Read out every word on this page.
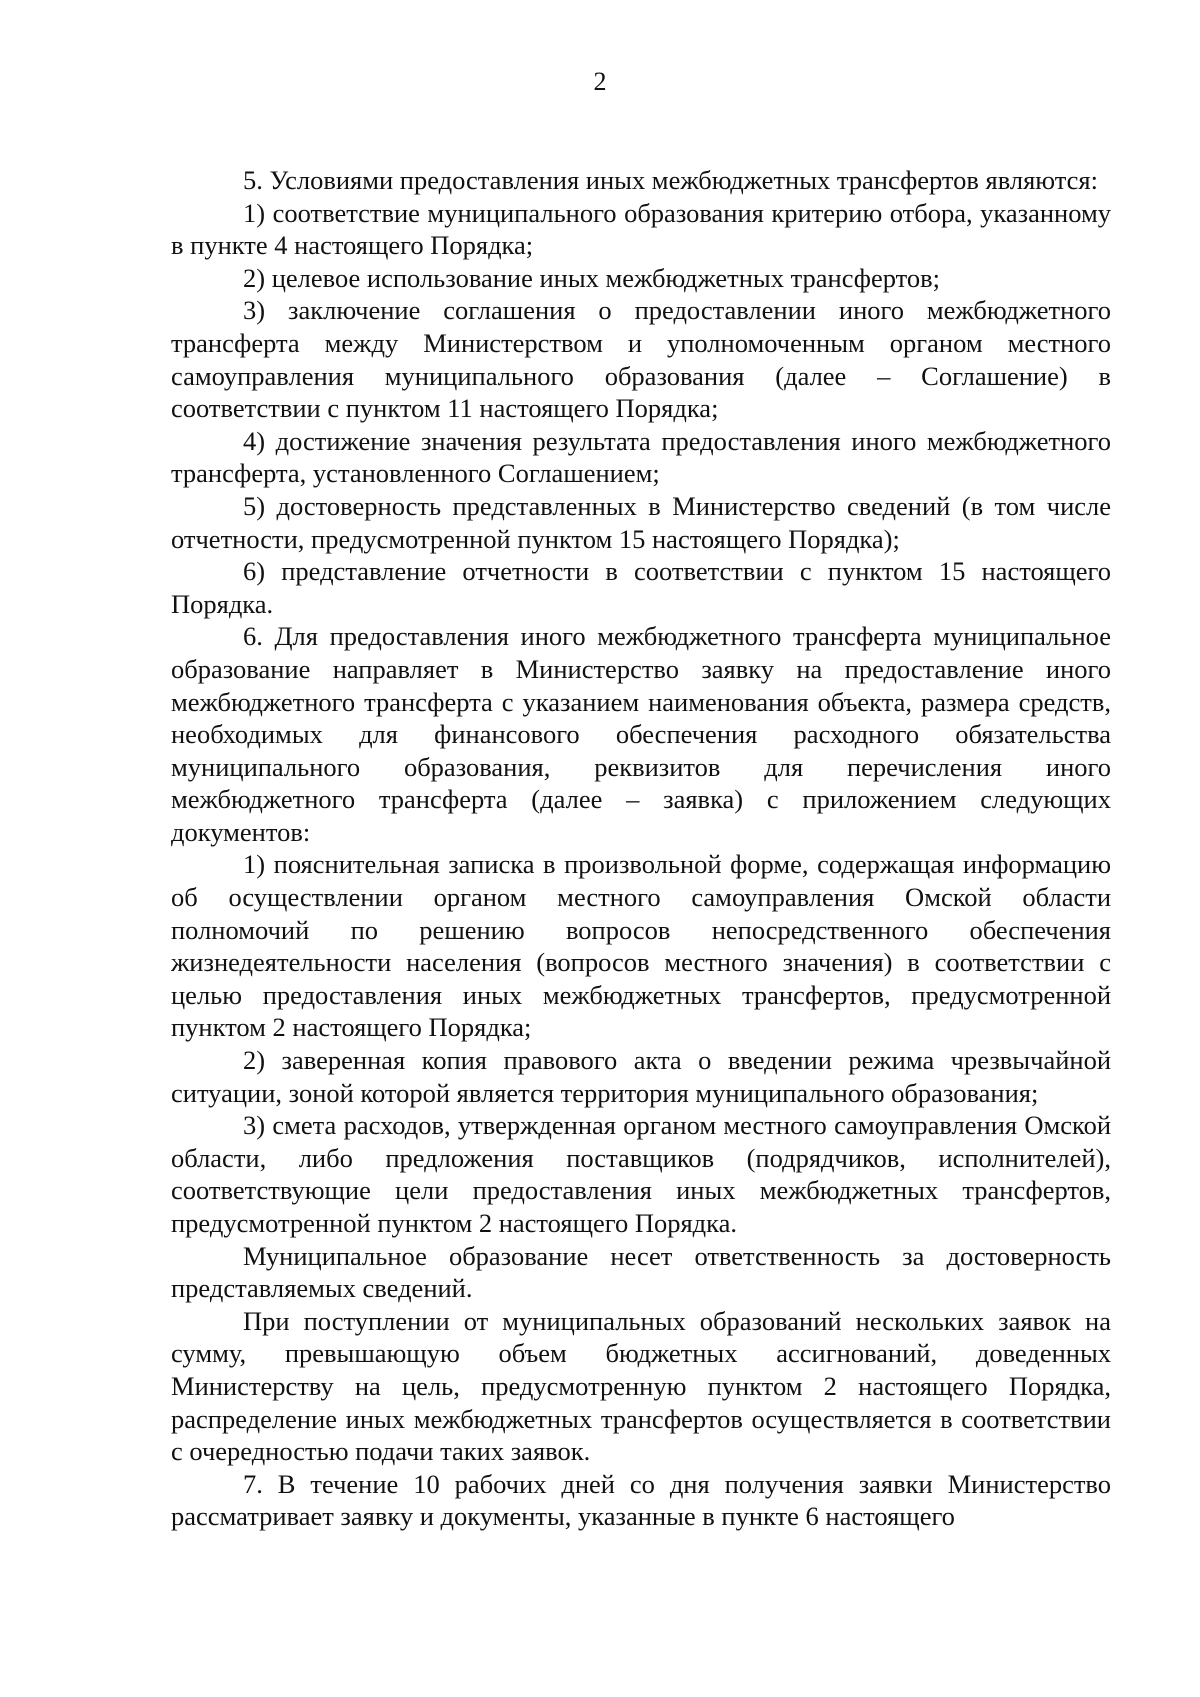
2

5. Условиями предоставления иных межбюджетных трансфертов являются:

1) соответствие муниципального образования критерию отбора, указанному в пункте 4 настоящего Порядка;

2) целевое использование иных межбюджетных трансфертов;

3) заключение соглашения о предоставлении иного межбюджетного трансферта между Министерством и уполномоченным органом местного самоуправления муниципального образования (далее – Соглашение) в соответствии с пунктом 11 настоящего Порядка;

4) достижение значения результата предоставления иного межбюджетного трансферта, установленного Соглашением;

5) достоверность представленных в Министерство сведений (в том числе отчетности, предусмотренной пунктом 15 настоящего Порядка);

6) представление отчетности в соответствии с пунктом 15 настоящего Порядка.

6. Для предоставления иного межбюджетного трансферта муниципальное образование направляет в Министерство заявку на предоставление иного межбюджетного трансферта с указанием наименования объекта, размера средств, необходимых для финансового обеспечения расходного обязательства муниципального образования, реквизитов для перечисления иного межбюджетного трансферта (далее – заявка) с приложением следующих документов:

1) пояснительная записка в произвольной форме, содержащая информацию об осуществлении органом местного самоуправления Омской области полномочий по решению вопросов непосредственного обеспечения жизнедеятельности населения (вопросов местного значения) в соответствии с целью предоставления иных межбюджетных трансфертов, предусмотренной пунктом 2 настоящего Порядка;

2) заверенная копия правового акта о введении режима чрезвычайной ситуации, зоной которой является территория муниципального образования;

3) смета расходов, утвержденная органом местного самоуправления Омской области, либо предложения поставщиков (подрядчиков, исполнителей), соответствующие цели предоставления иных межбюджетных трансфертов, предусмотренной пунктом 2 настоящего Порядка.

Муниципальное образование несет ответственность за достоверность представляемых сведений.

При поступлении от муниципальных образований нескольких заявок на сумму, превышающую объем бюджетных ассигнований, доведенных Министерству на цель, предусмотренную пунктом 2 настоящего Порядка, распределение иных межбюджетных трансфертов осуществляется в соответствии с очередностью подачи таких заявок.

7. В течение 10 рабочих дней со дня получения заявки Министерство рассматривает заявку и документы, указанные в пункте 6 настоящего
